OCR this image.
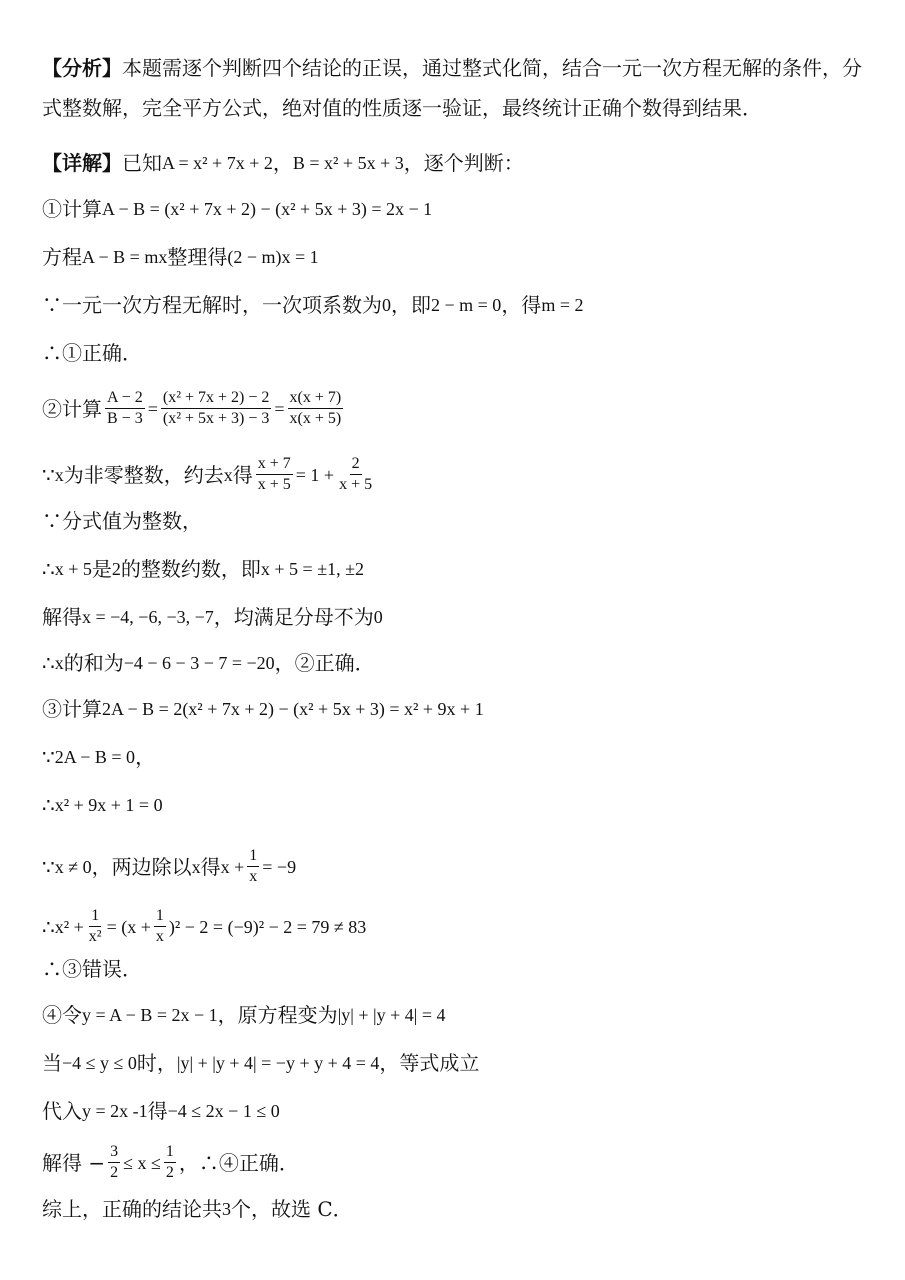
【分析】本题需逐个判断四个结论的正误，通过整式化简，结合一元一次方程无解的条件，分式整数解，完全平方公式，绝对值的性质逐一验证，最终统计正确个数得到结果．
【详解】 已知 A = x² + 7x + 2 ， B = x² + 5x + 3 ，逐个判断：
①计算 A − B = (x² + 7x + 2) − (x² + 5x + 3) = 2x − 1
方程 A − B = mx 整理得 (2 − m)x = 1
∵一元一次方程无解时，一次项系数为 0 ，即 2 − m = 0 ，得 m = 2
∴①正确．
②计算 $\frac{A - 2}{B - 3} = \frac{\text{(x² + 7x + 2) − 2}}{\text{(x² + 5x + 3) − 3}} = \frac{x(x + 7)}{x(x + 5)}$
∵ x 为非零整数，约去 x 得 $\frac{x + 7}{x + 5} = 1 + \frac{2}{x + 5}$
∵分式值为整数，
∴ x + 5 是 2 的整数约数，即 x + 5 = ±1, ±2
解得 x = −4, −6, −3, −7 ，均满足分母不为 0
∴ x 的和为 −4 − 6 − 3 − 7 = −20 ，②正确．
③计算 2A − B = 2(x² + 7x + 2) − (x² + 5x + 3) = x² + 9x + 1
∵ 2A − B = 0 ，
∴ x² + 9x + 1 = 0
∵ x ≠ 0 ，两边除以 x 得 $x + \frac{1}{x} = -9$
∴ $x^2 + \frac{1}{\text{x²}} = (x + \frac{1}{x} )^2 - 2 = (-9)^2 - 2 = 79 \ne 83$
∴③错误．
④令 y = A − B = 2x − 1 ，原方程变为 |y| + |y + 4| = 4
当 −4 ≤ y ≤ 0 时， |y| + |y + 4| = −y + y + 4 = 4 ，等式成立
代入 y = 2x -1 得 −4 ≤ 2x − 1 ≤ 0
解得 − $\frac{3}{2} \le x \le \frac{1}{2}$ ，∴④正确．
综上，正确的结论共 3 个，故选 C．
